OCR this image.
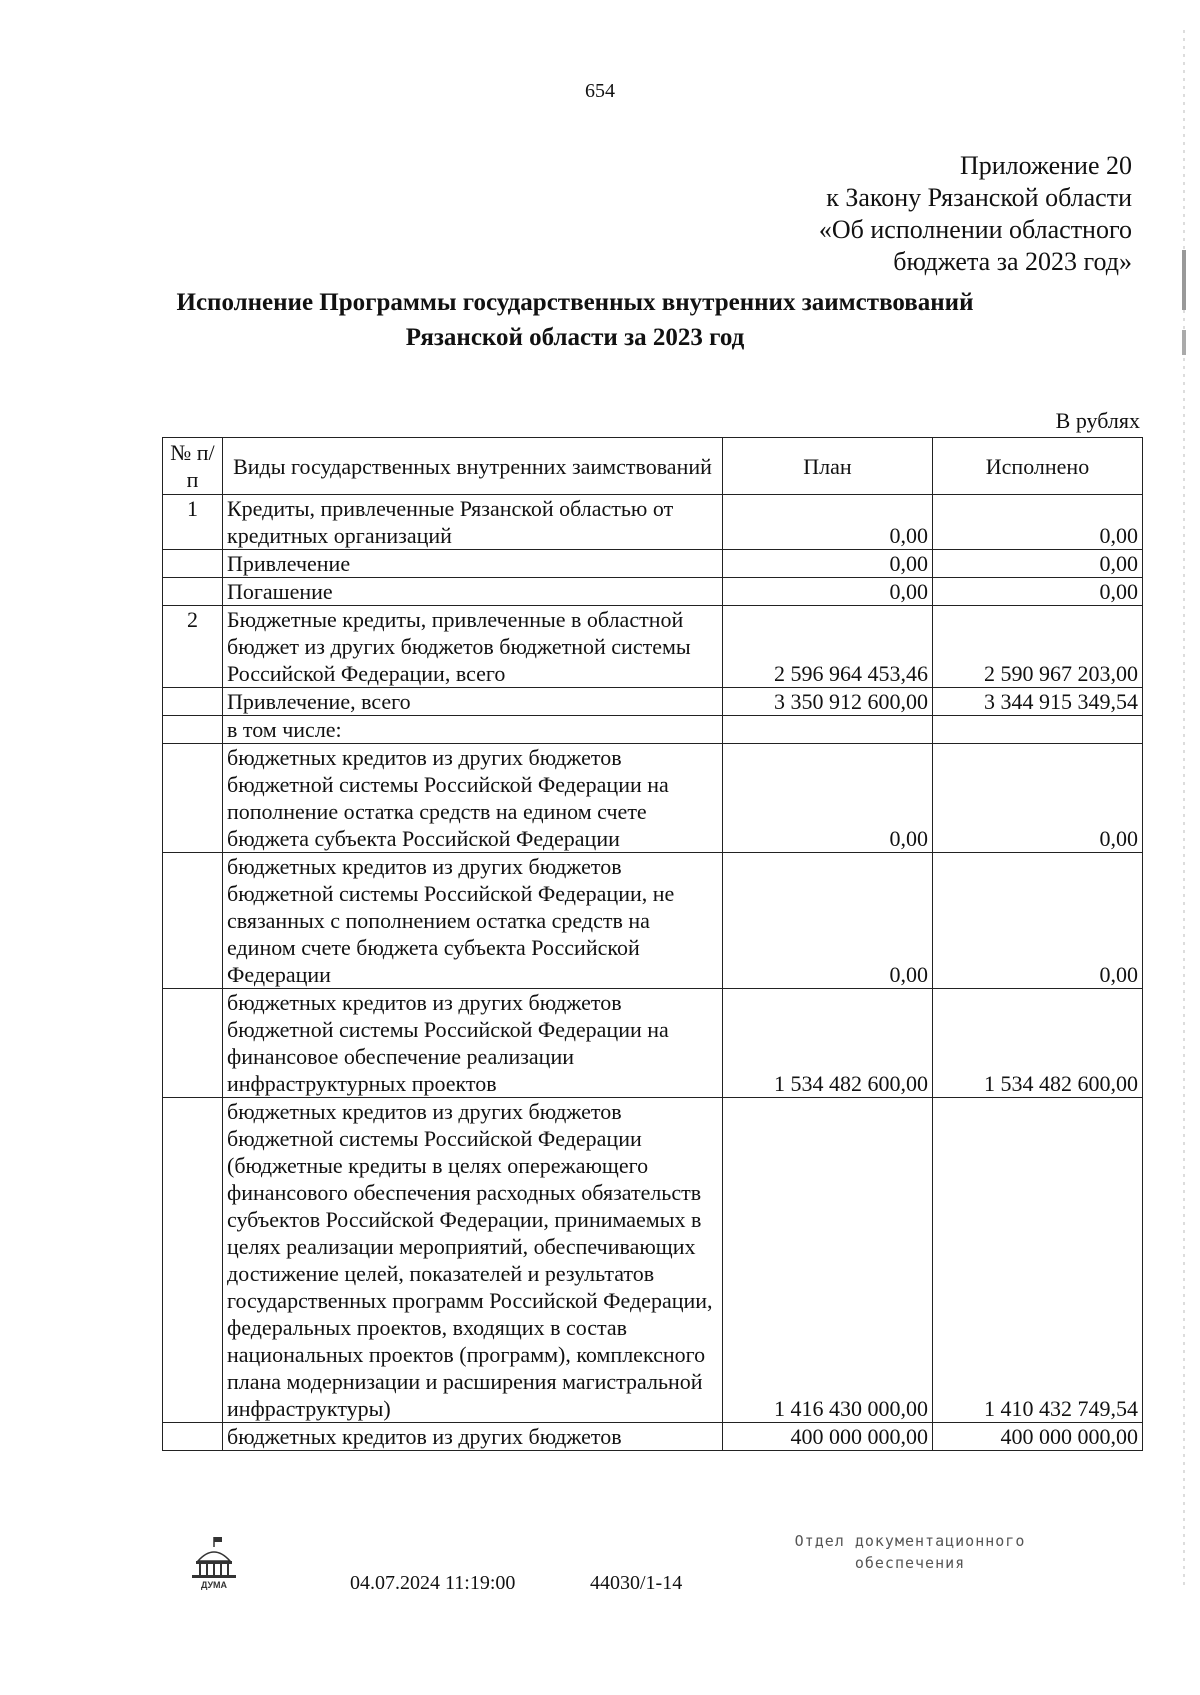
654
Приложение 20
к Закону Рязанской области
«Об исполнении областного
бюджета за 2023 год»
Исполнение Программы государственных внутренних заимствований
Рязанской области за 2023 год
В рублях
№ п/п	Виды государственных внутренних заимствований	План	Исполнено
1	Кредиты, привлеченные Рязанской областью от кредитных организаций	0,00	0,00
	Привлечение	0,00	0,00
	Погашение	0,00	0,00
2	Бюджетные кредиты, привлеченные в областной бюджет из других бюджетов бюджетной системы Российской Федерации, всего	2 596 964 453,46	2 590 967 203,00
	Привлечение, всего	3 350 912 600,00	3 344 915 349,54
	в том числе:		
	бюджетных кредитов из других бюджетов бюджетной системы Российской Федерации на пополнение остатка средств на едином счете бюджета субъекта Российской Федерации	0,00	0,00
	бюджетных кредитов из других бюджетов бюджетной системы Российской Федерации, не связанных с пополнением остатка средств на едином счете бюджета субъекта Российской Федерации	0,00	0,00
	бюджетных кредитов из других бюджетов бюджетной системы Российской Федерации на финансовое обеспечение реализации инфраструктурных проектов	1 534 482 600,00	1 534 482 600,00
	бюджетных кредитов из других бюджетов бюджетной системы Российской Федерации (бюджетные кредиты в целях опережающего финансового обеспечения расходных обязательств субъектов Российской Федерации, принимаемых в целях реализации мероприятий, обеспечивающих достижение целей, показателей и результатов государственных программ Российской Федерации, федеральных проектов, входящих в состав национальных проектов (программ), комплексного плана модернизации и расширения магистральной инфраструктуры)	1 416 430 000,00	1 410 432 749,54
	бюджетных кредитов из других бюджетов	400 000 000,00	400 000 000,00
ДУМА	04.07.2024 11:19:00	44030/1-14
Отдел документационного
обеспечения
